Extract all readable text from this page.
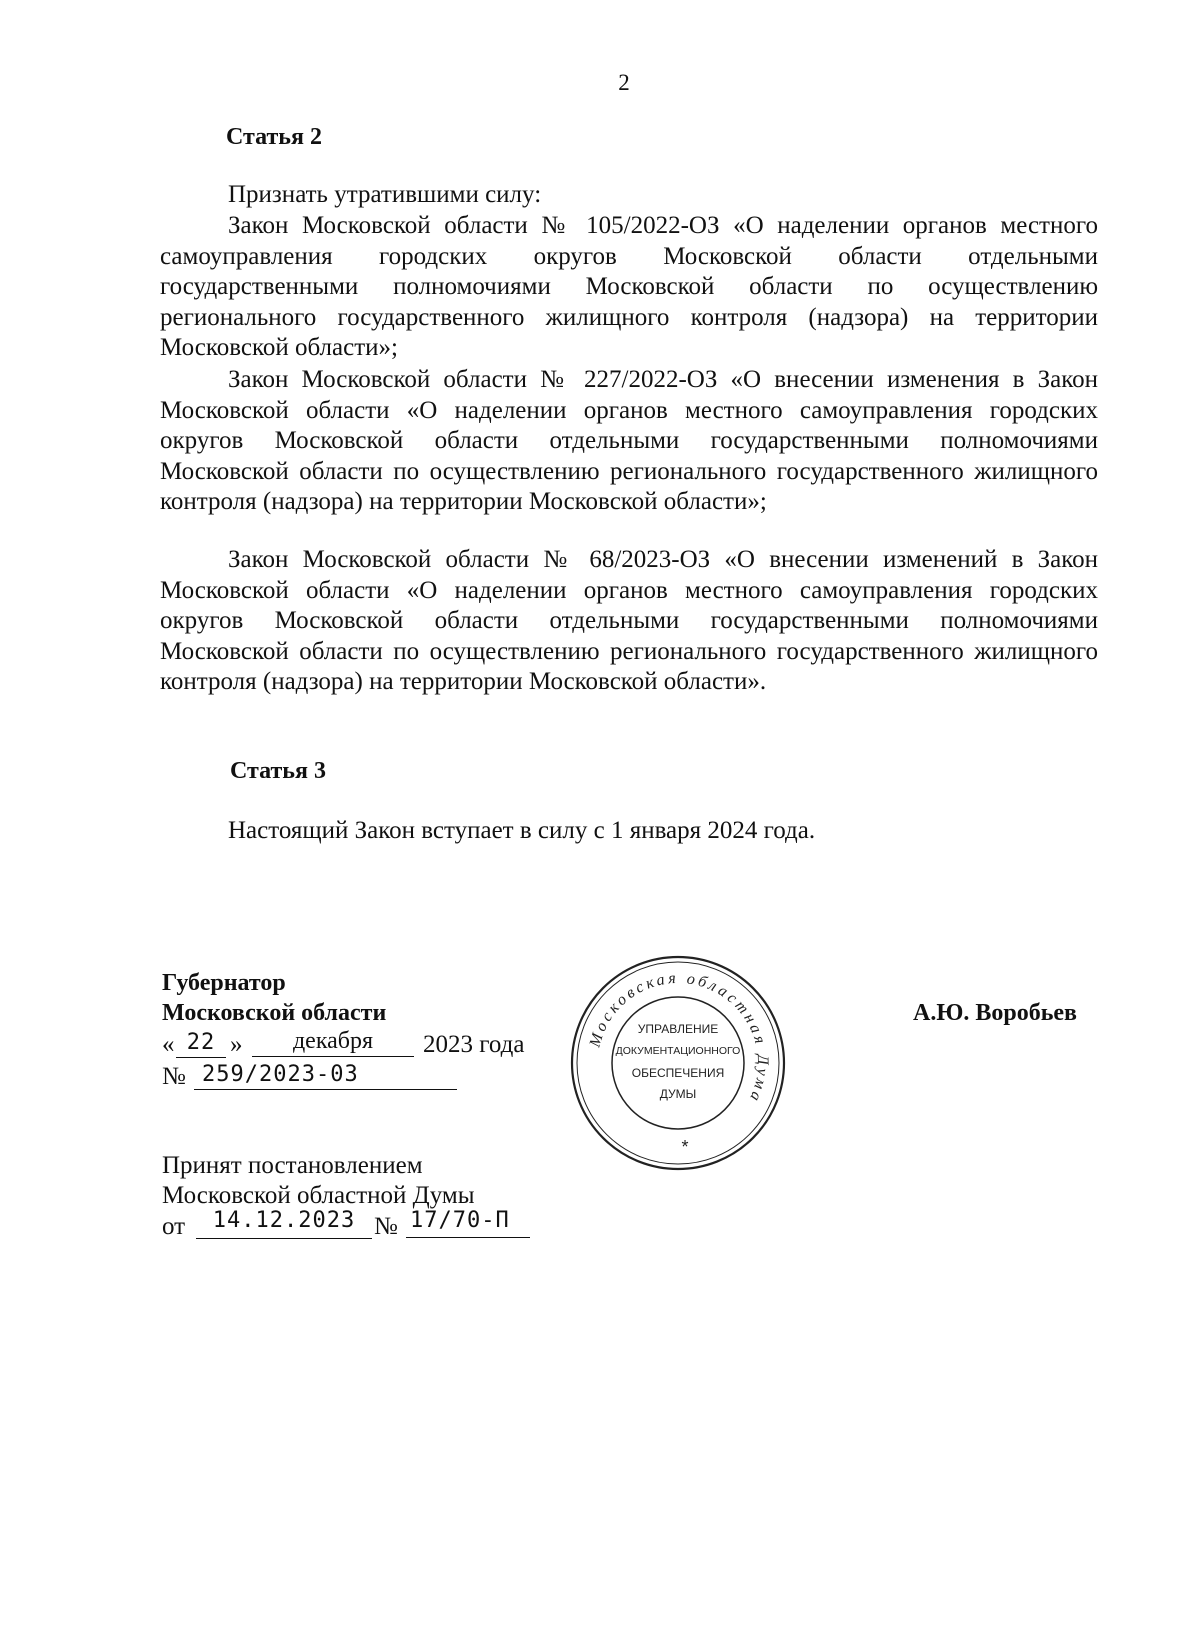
2
Статья 2
Признать утратившими силу:
Закон Московской области № 105/2022-ОЗ «О наделении органов местного самоуправления городских округов Московской области отдельными государственными полномочиями Московской области по осуществлению регионального государственного жилищного контроля (надзора) на территории Московской области»;
Закон Московской области № 227/2022-ОЗ «О внесении изменения в Закон Московской области «О наделении органов местного самоуправления городских округов Московской области отдельными государственными полномочиями Московской области по осуществлению регионального государственного жилищного контроля (надзора) на территории Московской области»;
Закон Московской области № 68/2023-ОЗ «О внесении изменений в Закон Московской области «О наделении органов местного самоуправления городских округов Московской области отдельными государственными полномочиями Московской области по осуществлению регионального государственного жилищного контроля (надзора) на территории Московской области».
Статья 3
Настоящий Закон вступает в силу с 1 января 2024 года.
Губернатор
Московской области	А.Ю. Воробьев
« 22 »	декабря	2023 года
№ 259/2023-03
Московская областная Дума
УПРАВЛЕНИЕ
ДОКУМЕНТАЦИОННОГО
ОБЕСПЕЧЕНИЯ
ДУМЫ
*
Принят постановлением
Московской областной Думы
от	14.12.2023 № 17/70-П
